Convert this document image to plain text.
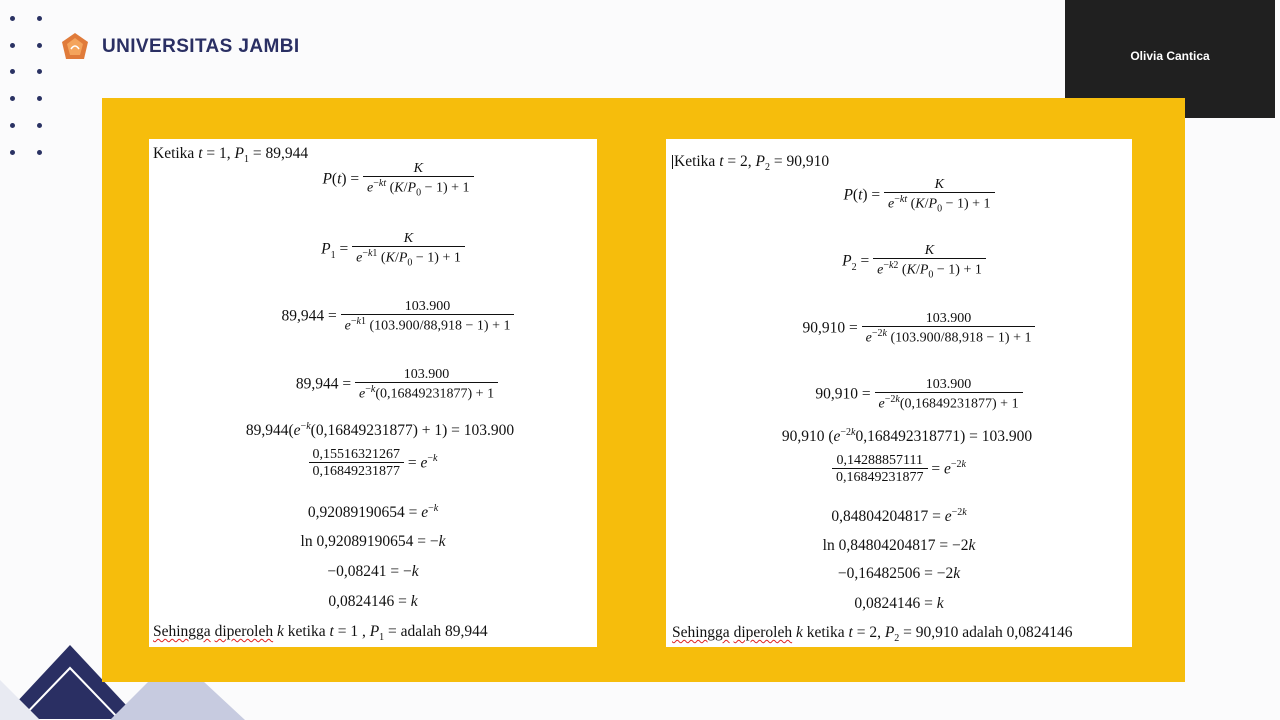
UNIVERSITAS JAMBI	Olivia Cantica
Ketika t = 1, $P_1 = 89,944$
$P(t) = \frac{K}{e^{-kt} (K/P_0 - 1) + 1}$
$P_1 = \frac{K}{e^{-k1} (K/P_0 - 1) + 1}$
$89,944 = \frac{103.900}{e^{-k1} (103.900/88,918 - 1) + 1}$
$89,944 = \frac{103.900}{e^{-k}(0,16849231877) + 1}$
$89,944(e^{-k}(0,16849231877) + 1) = 103.900$
$\frac{0,15516321267}{0,16849231877} = e^{-k}$
$0,92089190654 = e^{-k}$
ln 0,92089190654 = −k
−0,08241 = −k
0,0824146 = k
Sehingga diperoleh k ketika t = 1 , $P_1$ = adalah 89,944
Ketika t = 2, $P_2 = 90,910$
$P(t) = \frac{K}{e^{-kt} (K/P_0 - 1) + 1}$
$P_2 = \frac{K}{e^{-k2} (K/P_0 - 1) + 1}$
$90,910 = \frac{103.900}{e^{-2k} (103.900/88,918 - 1) + 1}$
$90,910 = \frac{103.900}{e^{-2k}(0,16849231877) + 1}$
90,910 $(e^{-2k}0,168492318771) = 103.900$
$\frac{0,14288857111}{0,16849231877} = e^{-2k}$
$0,84804204817 = e^{-2k}$
ln 0,84804204817 = −2k
−0,16482506 = −2k
0,0824146 = k
Sehingga diperoleh k ketika t = 2, $P_2 = 90,910$ adalah 0,0824146
